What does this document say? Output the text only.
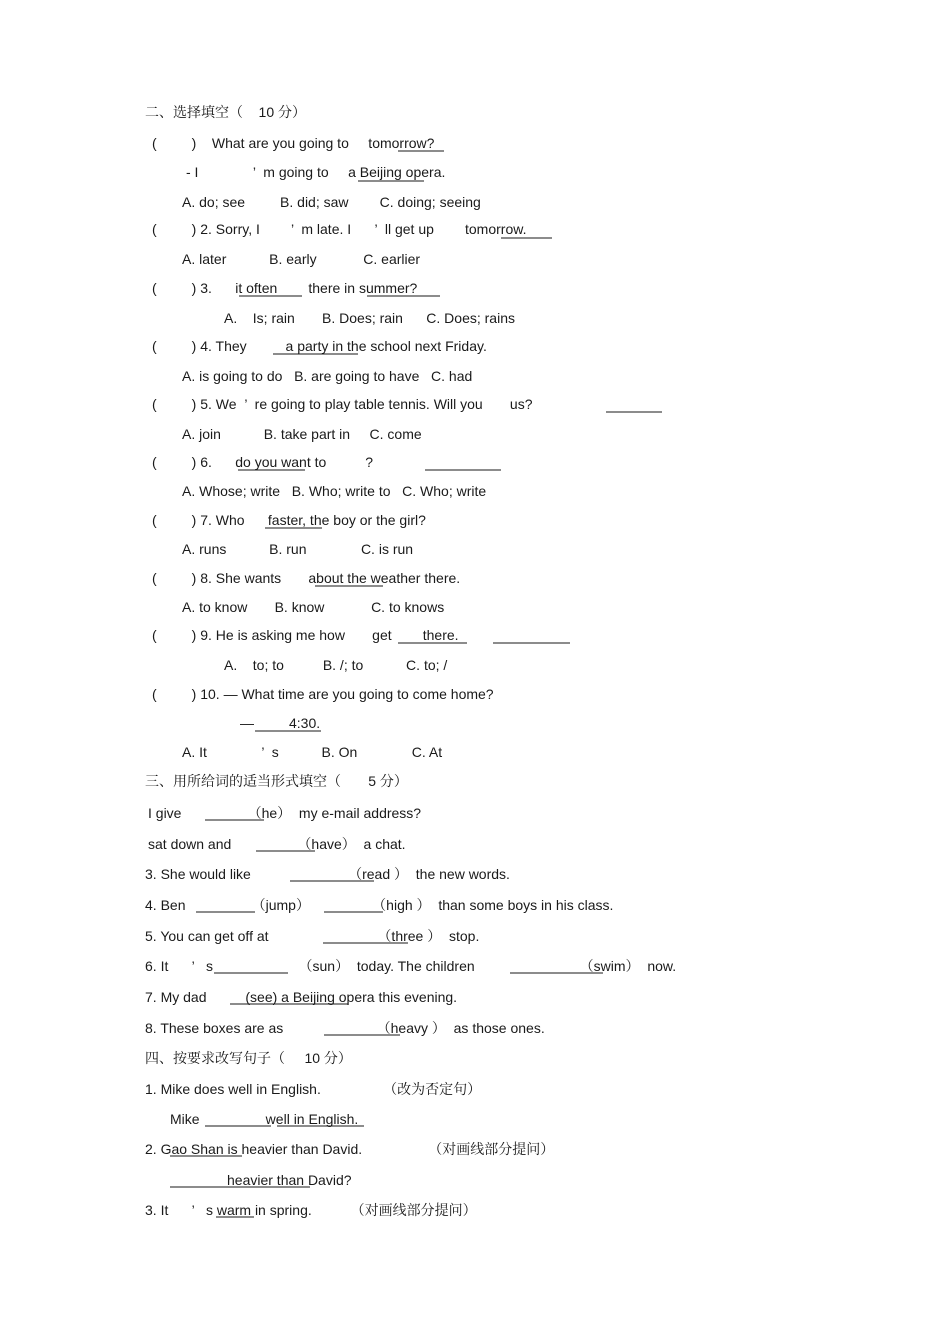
二、选择填空（    10 分）
(         )    What are you going to     tomorrow?
- I              ’  m going to     a Beijing opera.
A. do; see         B. did; saw        C. doing; seeing
(         ) 2. Sorry, I        ’  m late. I      ’  ll get up        tomorrow.
A. later           B. early            C. earlier
(         ) 3.      it often        there in summer?
A.    Is; rain       B. Does; rain      C. Does; rains
(         ) 4. They          a party in the school next Friday.
A. is going to do   B. are going to have   C. had
(         ) 5. We  ’  re going to play table tennis. Will you       us?
A. join           B. take part in     C. come
(         ) 6.      do you want to          ?
A. Whose; write   B. Who; write to   C. Who; write
(         ) 7. Who      faster, the boy or the girl?
A. runs           B. run              C. is run
(         ) 8. She wants       about the weather there.
A. to know       B. know            C. to knows
(         ) 9. He is asking me how       get        there.
A.    to; to          B. /; to           C. to; /
(         ) 10. — What time are you going to come home?
—         4:30.
A. It              ’  s           B. On              C. At
三、用所给词的适当形式填空（       5 分）
I give                 （he）  my e-mail address?
sat down and                 （have）  a chat.
3. She would like                         （read ）  the new words.
4. Ben                 （jump）                （high ）  than some boys in his class.
5. You can get off at                            （three ）  stop.
6. It      ’   s                      （sun）  today. The children                           （swim）  now.
7. My dad          (see) a Beijing opera this evening.
8. These boxes are as                        （heavy ）  as those ones.
四、按要求改写句子（     10 分）
1. Mike does well in English.                （改为否定句）
Mike                 well in English.
2. Gao Shan is heavier than David.                 （对画线部分提问）
heavier than David?
3. It      ’   s warm in spring.          （对画线部分提问）
